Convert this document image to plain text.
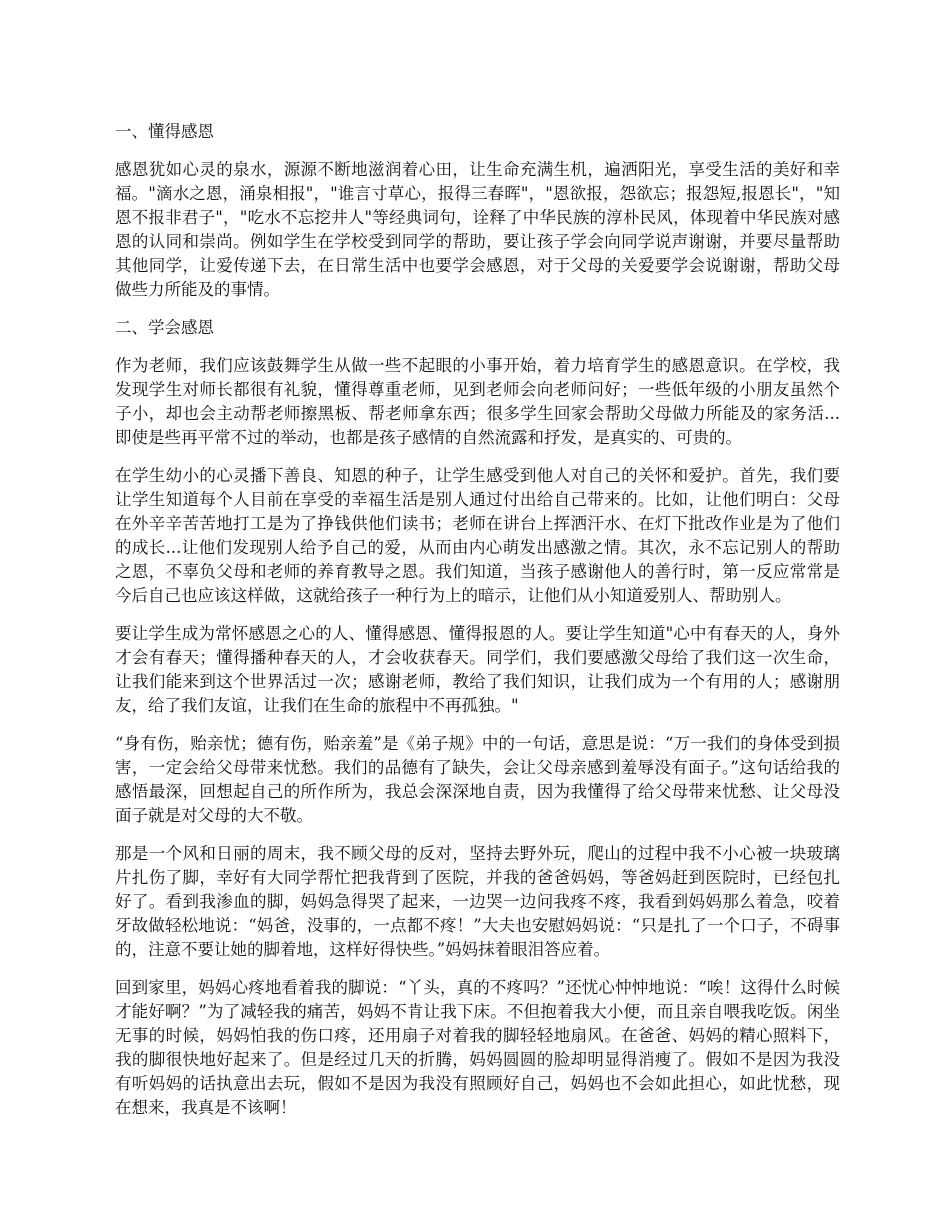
一、懂得感恩

感恩犹如心灵的泉水，源源不断地滋润着心田，让生命充满生机，遍洒阳光，享受生活的美好和幸福。"滴水之恩，涌泉相报"，"谁言寸草心，报得三春晖"，"恩欲报，怨欲忘；报怨短,报恩长"，"知恩不报非君子"，"吃水不忘挖井人"等经典词句，诠释了中华民族的淳朴民风，体现着中华民族对感恩的认同和崇尚。例如学生在学校受到同学的帮助，要让孩子学会向同学说声谢谢，并要尽量帮助其他同学，让爱传递下去，在日常生活中也要学会感恩，对于父母的关爱要学会说谢谢，帮助父母做些力所能及的事情。

二、学会感恩

作为老师，我们应该鼓舞学生从做一些不起眼的小事开始，着力培育学生的感恩意识。在学校，我发现学生对师长都很有礼貌，懂得尊重老师，见到老师会向老师问好；一些低年级的小朋友虽然个子小，却也会主动帮老师擦黑板、帮老师拿东西；很多学生回家会帮助父母做力所能及的家务活...即使是些再平常不过的举动，也都是孩子感情的自然流露和抒发，是真实的、可贵的。

在学生幼小的心灵播下善良、知恩的种子，让学生感受到他人对自己的关怀和爱护。首先，我们要让学生知道每个人目前在享受的幸福生活是别人通过付出给自己带来的。比如，让他们明白：父母在外辛辛苦苦地打工是为了挣钱供他们读书；老师在讲台上挥洒汗水、在灯下批改作业是为了他们的成长...让他们发现别人给予自己的爱，从而由内心萌发出感激之情。其次，永不忘记别人的帮助之恩，不辜负父母和老师的养育教导之恩。我们知道，当孩子感谢他人的善行时，第一反应常常是今后自己也应该这样做，这就给孩子一种行为上的暗示，让他们从小知道爱别人、帮助别人。

要让学生成为常怀感恩之心的人、懂得感恩、懂得报恩的人。要让学生知道"心中有春天的人，身外才会有春天；懂得播种春天的人，才会收获春天。同学们，我们要感激父母给了我们这一次生命，让我们能来到这个世界活过一次；感谢老师，教给了我们知识，让我们成为一个有用的人；感谢朋友，给了我们友谊，让我们在生命的旅程中不再孤独。"

“身有伤，贻亲忧；德有伤，贻亲羞”是《弟子规》中的一句话，意思是说：“万一我们的身体受到损害，一定会给父母带来忧愁。我们的品德有了缺失，会让父母亲感到羞辱没有面子。”这句话给我的感悟最深，回想起自己的所作所为，我总会深深地自责，因为我懂得了给父母带来忧愁、让父母没面子就是对父母的大不敬。

那是一个风和日丽的周末，我不顾父母的反对，坚持去野外玩，爬山的过程中我不小心被一块玻璃片扎伤了脚，幸好有大同学帮忙把我背到了医院，并我的爸爸妈妈，等爸妈赶到医院时，已经包扎好了。看到我渗血的脚，妈妈急得哭了起来，一边哭一边问我疼不疼，我看到妈妈那么着急，咬着牙故做轻松地说：“妈爸，没事的，一点都不疼！”大夫也安慰妈妈说：“只是扎了一个口子，不碍事的，注意不要让她的脚着地，这样好得快些。”妈妈抹着眼泪答应着。

回到家里，妈妈心疼地看着我的脚说：“丫头，真的不疼吗？”还忧心忡忡地说：“唉！这得什么时候才能好啊？”为了减轻我的痛苦，妈妈不肯让我下床。不但抱着我大小便，而且亲自喂我吃饭。闲坐无事的时候，妈妈怕我的伤口疼，还用扇子对着我的脚轻轻地扇风。在爸爸、妈妈的精心照料下，我的脚很快地好起来了。但是经过几天的折腾，妈妈圆圆的脸却明显得消瘦了。假如不是因为我没有听妈妈的话执意出去玩，假如不是因为我没有照顾好自己，妈妈也不会如此担心，如此忧愁，现在想来，我真是不该啊！
